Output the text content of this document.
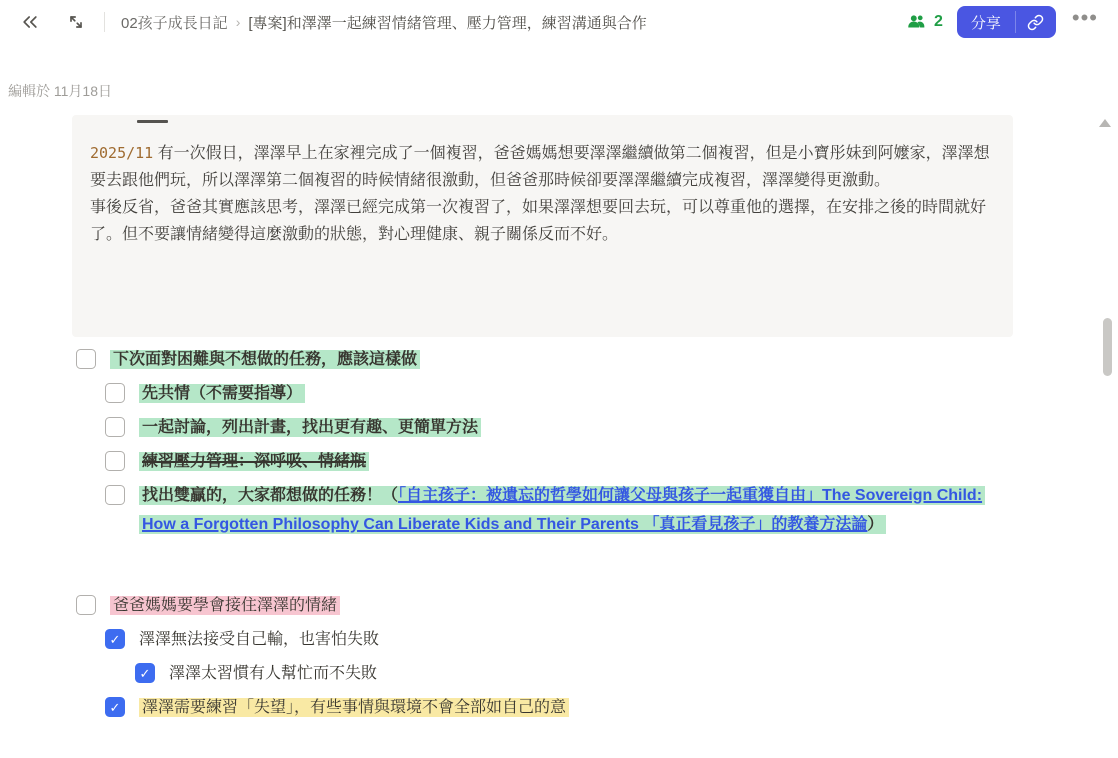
02孩子成長日記 › [專案]和澤澤一起練習情緒管理、壓力管理，練習溝通與合作	2	分享	•••
編輯於 11月18日
2025/11 有一次假日，澤澤早上在家裡完成了一個複習，爸爸媽媽想要澤澤繼續做第二個複習，但是小寶彤妹到阿嬤家，澤澤想要去跟他們玩，所以澤澤第二個複習的時候情緒很激動，但爸爸那時候卻要澤澤繼續完成複習，澤澤變得更激動。
事後反省，爸爸其實應該思考，澤澤已經完成第一次複習了，如果澤澤想要回去玩，可以尊重他的選擇，在安排之後的時間就好了。但不要讓情緒變得這麼激動的狀態，對心理健康、親子關係反而不好。
下次面對困難與不想做的任務，應該這樣做
先共情（不需要指導）
一起討論，列出計畫，找出更有趣、更簡單方法
練習壓力管理：深呼吸、情緒瓶
找出雙贏的，大家都想做的任務！（「自主孩子：被遺忘的哲學如何讓父母與孩子一起重獲自由」The Sovereign Child: How a Forgotten Philosophy Can Liberate Kids and Their Parents 「真正看見孩子」的教養方法論）
爸爸媽媽要學會接住澤澤的情緒
✓ 澤澤無法接受自己輸，也害怕失敗
✓ 澤澤太習慣有人幫忙而不失敗
✓ 澤澤需要練習「失望」，有些事情與環境不會全部如自己的意
